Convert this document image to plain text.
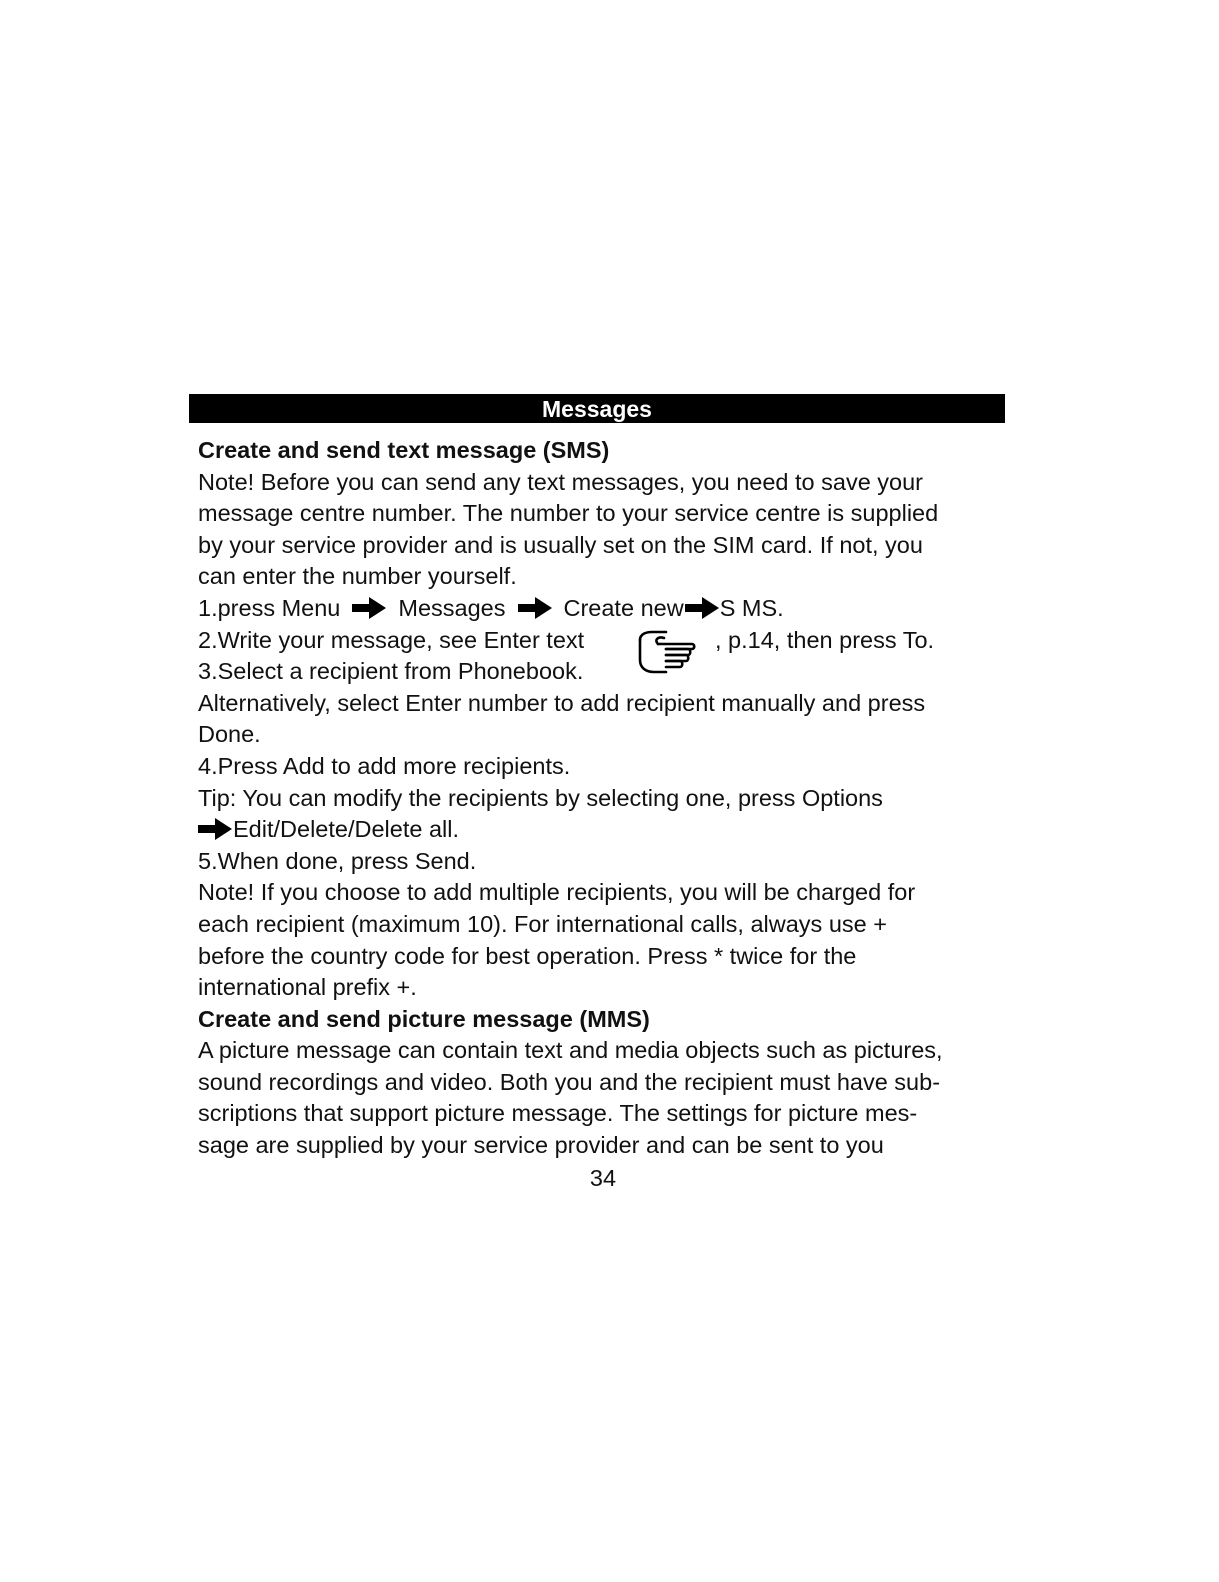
Messages
Create and send text message (SMS)
Note! Before you can send any text messages, you need to save your
message centre number. The number to your service centre is supplied
by your service provider and is usually set on the SIM card. If not, you
can enter the number yourself.
1.press Menu Messages Create new S MS.
2.Write your message, see Enter text	, p.14, then press To.
3.Select a recipient from Phonebook.
Alternatively, select Enter number to add recipient manually and press
Done.
4.Press Add to add more recipients.
Tip: You can modify the recipients by selecting one, press Options
Edit/Delete/Delete all.
5.When done, press Send.
Note! If you choose to add multiple recipients, you will be charged for
each recipient (maximum 10). For international calls, always use +
before the country code for best operation. Press * twice for the
international prefix +.
Create and send picture message (MMS)
A picture message can contain text and media objects such as pictures,
sound recordings and video. Both you and the recipient must have sub-
scriptions that support picture message. The settings for picture mes-
sage are supplied by your service provider and can be sent to you
34
